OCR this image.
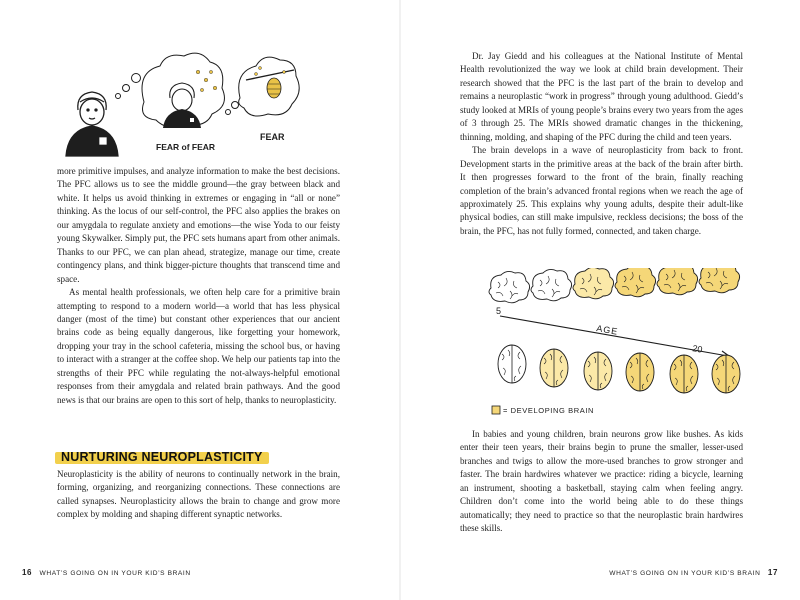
FEAR of FEAR
FEAR

more primitive impulses, and analyze information to make the best decisions. The PFC allows us to see the middle ground—the gray between black and white. It helps us avoid thinking in extremes or engaging in “all or none” thinking. As the locus of our self-control, the PFC also applies the brakes on our amygdala to regulate anxiety and emotions—the wise Yoda to our feisty young Skywalker. Simply put, the PFC sets humans apart from other animals. Thanks to our PFC, we can plan ahead, strategize, manage our time, create contingency plans, and think bigger-picture thoughts that transcend time and space.

As mental health professionals, we often help care for a primitive brain attempting to respond to a modern world—a world that has less physical danger (most of the time) but constant other experiences that our ancient brains code as being equally dangerous, like forgetting your homework, dropping your tray in the school cafeteria, missing the school bus, or having to interact with a stranger at the coffee shop. We help our patients tap into the strengths of their PFC while regulating the not-always-helpful emotional responses from their amygdala and related brain pathways. And the good news is that our brains are open to this sort of help, thanks to neuroplasticity.

NURTURING NEUROPLASTICITY

Neuroplasticity is the ability of neurons to continually network in the brain, forming, organizing, and reorganizing connections. These connections are called synapses. Neuroplasticity allows the brain to change and grow more complex by molding and shaping different synaptic networks.

16 WHAT’S GOING ON IN YOUR KID’S BRAIN

Dr. Jay Giedd and his colleagues at the National Institute of Mental Health revolutionized the way we look at child brain development. Their research showed that the PFC is the last part of the brain to develop and remains a neuroplastic “work in progress” through young adulthood. Giedd’s study looked at MRIs of young people’s brains every two years from the ages of 3 through 25. The MRIs showed dramatic changes in the thickening, thinning, molding, and shaping of the PFC during the child and teen years.

The brain develops in a wave of neuroplasticity from back to front. Development starts in the primitive areas at the back of the brain after birth. It then progresses forward to the front of the brain, finally reaching completion of the brain’s advanced frontal regions when we reach the age of approximately 25. This explains why young adults, despite their adult-like physical bodies, can still make impulsive, reckless decisions; the boss of the brain, the PFC, has not fully formed, connected, and taken charge.

5
AGE
20
= DEVELOPING BRAIN

In babies and young children, brain neurons grow like bushes. As kids enter their teen years, their brains begin to prune the smaller, lesser-used branches and twigs to allow the more-used branches to grow stronger and faster. The brain hardwires whatever we practice: riding a bicycle, learning an instrument, shooting a basketball, staying calm when feeling angry. Children don’t come into the world being able to do these things automatically; they need to practice so that the neuroplastic brain hardwires these skills.

WHAT’S GOING ON IN YOUR KID’S BRAIN 17
